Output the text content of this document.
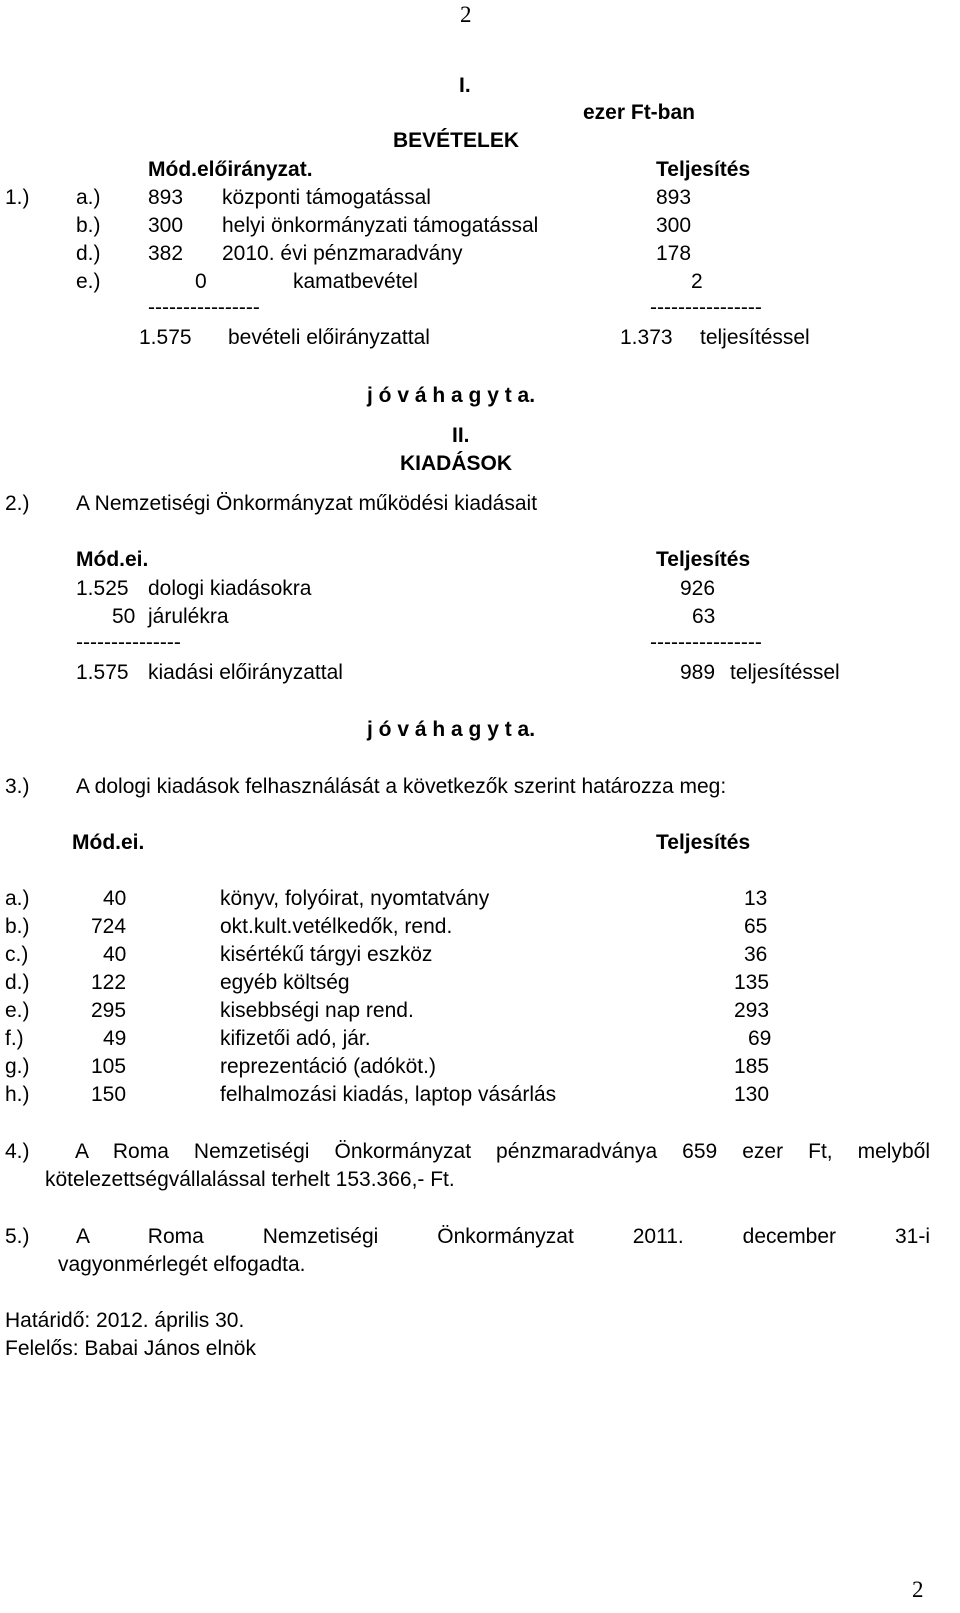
2
I.
ezer Ft-ban
BEVÉTELEK
Mód.előirányzat.	Teljesítés
1.) a.) 893 központi támogatással	893
b.) 300 helyi önkormányzati támogatással	300
d.) 382 2010. évi pénzmaradvány	178
e.)	0	kamatbevétel	2
----------------	----------------
1.575 bevételi előirányzattal	1.373 teljesítéssel
j ó v á h a g y t a.
II.
KIADÁSOK
2.) A Nemzetiségi Önkormányzat működési kiadásait
Mód.ei.	Teljesítés
1.525 dologi kiadásokra	926
50 járulékra	63
---------------	----------------
1.575 kiadási előirányzattal	989 teljesítéssel
j ó v á h a g y t a.
3.) A dologi kiadások felhasználását a következők szerint határozza meg:
Mód.ei.	Teljesítés
a.)	40	könyv, folyóirat, nyomtatvány	13
b.)	724	okt.kult.vetélkedők, rend.	65
c.)	40	kisértékű tárgyi eszköz	36
d.)	122	egyéb költség	135
e.)	295	kisebbségi nap rend.	293
f.)	49	kifizetői adó, jár.	69
g.)	105	reprezentáció (adóköt.)	185
h.)	150	felhalmozási kiadás, laptop vásárlás	130
4.)	A Roma Nemzetiségi Önkormányzat pénzmaradványa 659 ezer Ft, melyből
kötelezettségvállalással terhelt 153.366,- Ft.
5.) A Roma Nemzetiségi Önkormányzat 2011. december 31-i
vagyonmérlegét elfogadta.
Határidő: 2012. április 30.
Felelős: Babai János elnök
2
